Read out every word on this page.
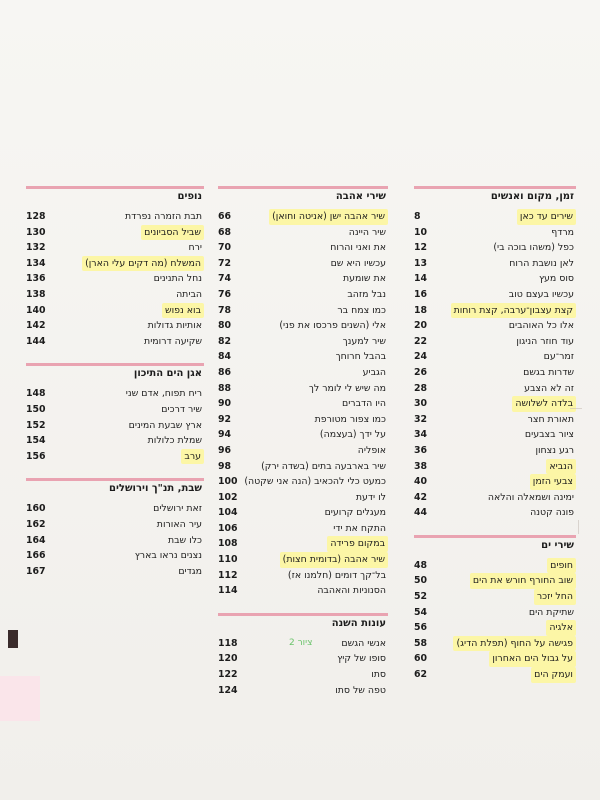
זמן, מקום ואנשים
שירים עד כאן
8
מרדף
10
כפל (משהו בוכה בי)
12
לאן נושבת הרוח
13
סוס מעץ
14
עכשיו בעצם טוב
16
קצת עצבון־ערבה, קצת רוחות
18
אלו כל האוהבים
20
עוד חוזר הניגון
22
זמר־עם
24
שדרות בגשם
26
זה לא הצבע
28
בלדה לשלושה
30
תאורת חצר
32
ציור בצבעים
34
רגע נצחון
36
הנביא
38
צבעי הזמן
40
ימינה ושמאלה והלאה
42
פונה קטנה
44
שירי ים
חופים
48
שוב החורף חורש את הים
50
החל יזכר
52
שתיקת הים
54
אלגיה
56
פגישה על החוף (תפלת הדיג)
58
על גבול הים האחרון
60
ועמק הים
62
שירי אהבה
שיר אהבה ישן (אניטה וחואן)
66
שיר היינה
68
את ואני והרוח
70
עכשיו היא שם
72
את שומעת
74
נבל מזהב
76
כמו צמח בר
78
אלי (השנים פרכסו את פני)
80
שיר למענך
82
בהבל חרוחך
84
הגביע
86
מה שיש לי לומר לך
88
היו הדברים
90
כמו צפור מטורפת
92
על ידך (בעצמה)
94
אופליה
96
שיר בארבעה בתים (בשדה ירק)
98
כמעט כלי להכאיב (הנה אני שקטה)
100
לו ידעת
102
מעגלים קרועים
104
התקח את ידי
106
במקום פרידה
108
שיר אהבה (בדומית חצות)
110
בל־קך דומים (חלמנו אז)
112
הסנוניות והאהבה
114
עונות השנה
אנשי הגשם
ציור 2
118
סופו של קיץ
120
סתו
122
טפה של סתו
124
נופים
תבת הזמרה נפרדת
128
שביל הסביונים
130
ירח
132
המשלח (מה דקים עלי הארן)
134
נחל התנינים
136
הביתה
138
בוא נפוש
140
אותיות גדולות
142
שקיעה דרומית
144
אגן הים התיכון
ריח תפוח, אדם שני
148
שיר דרכים
150
ארץ שבעת המינים
152
שמלת כלולות
154
ערב
156
שבת, תנ"ך וירושלים
זאת ירושלים
160
עיר האורות
162
כלו שבת
164
נצנים נראו בארץ
166
מגדים
167
